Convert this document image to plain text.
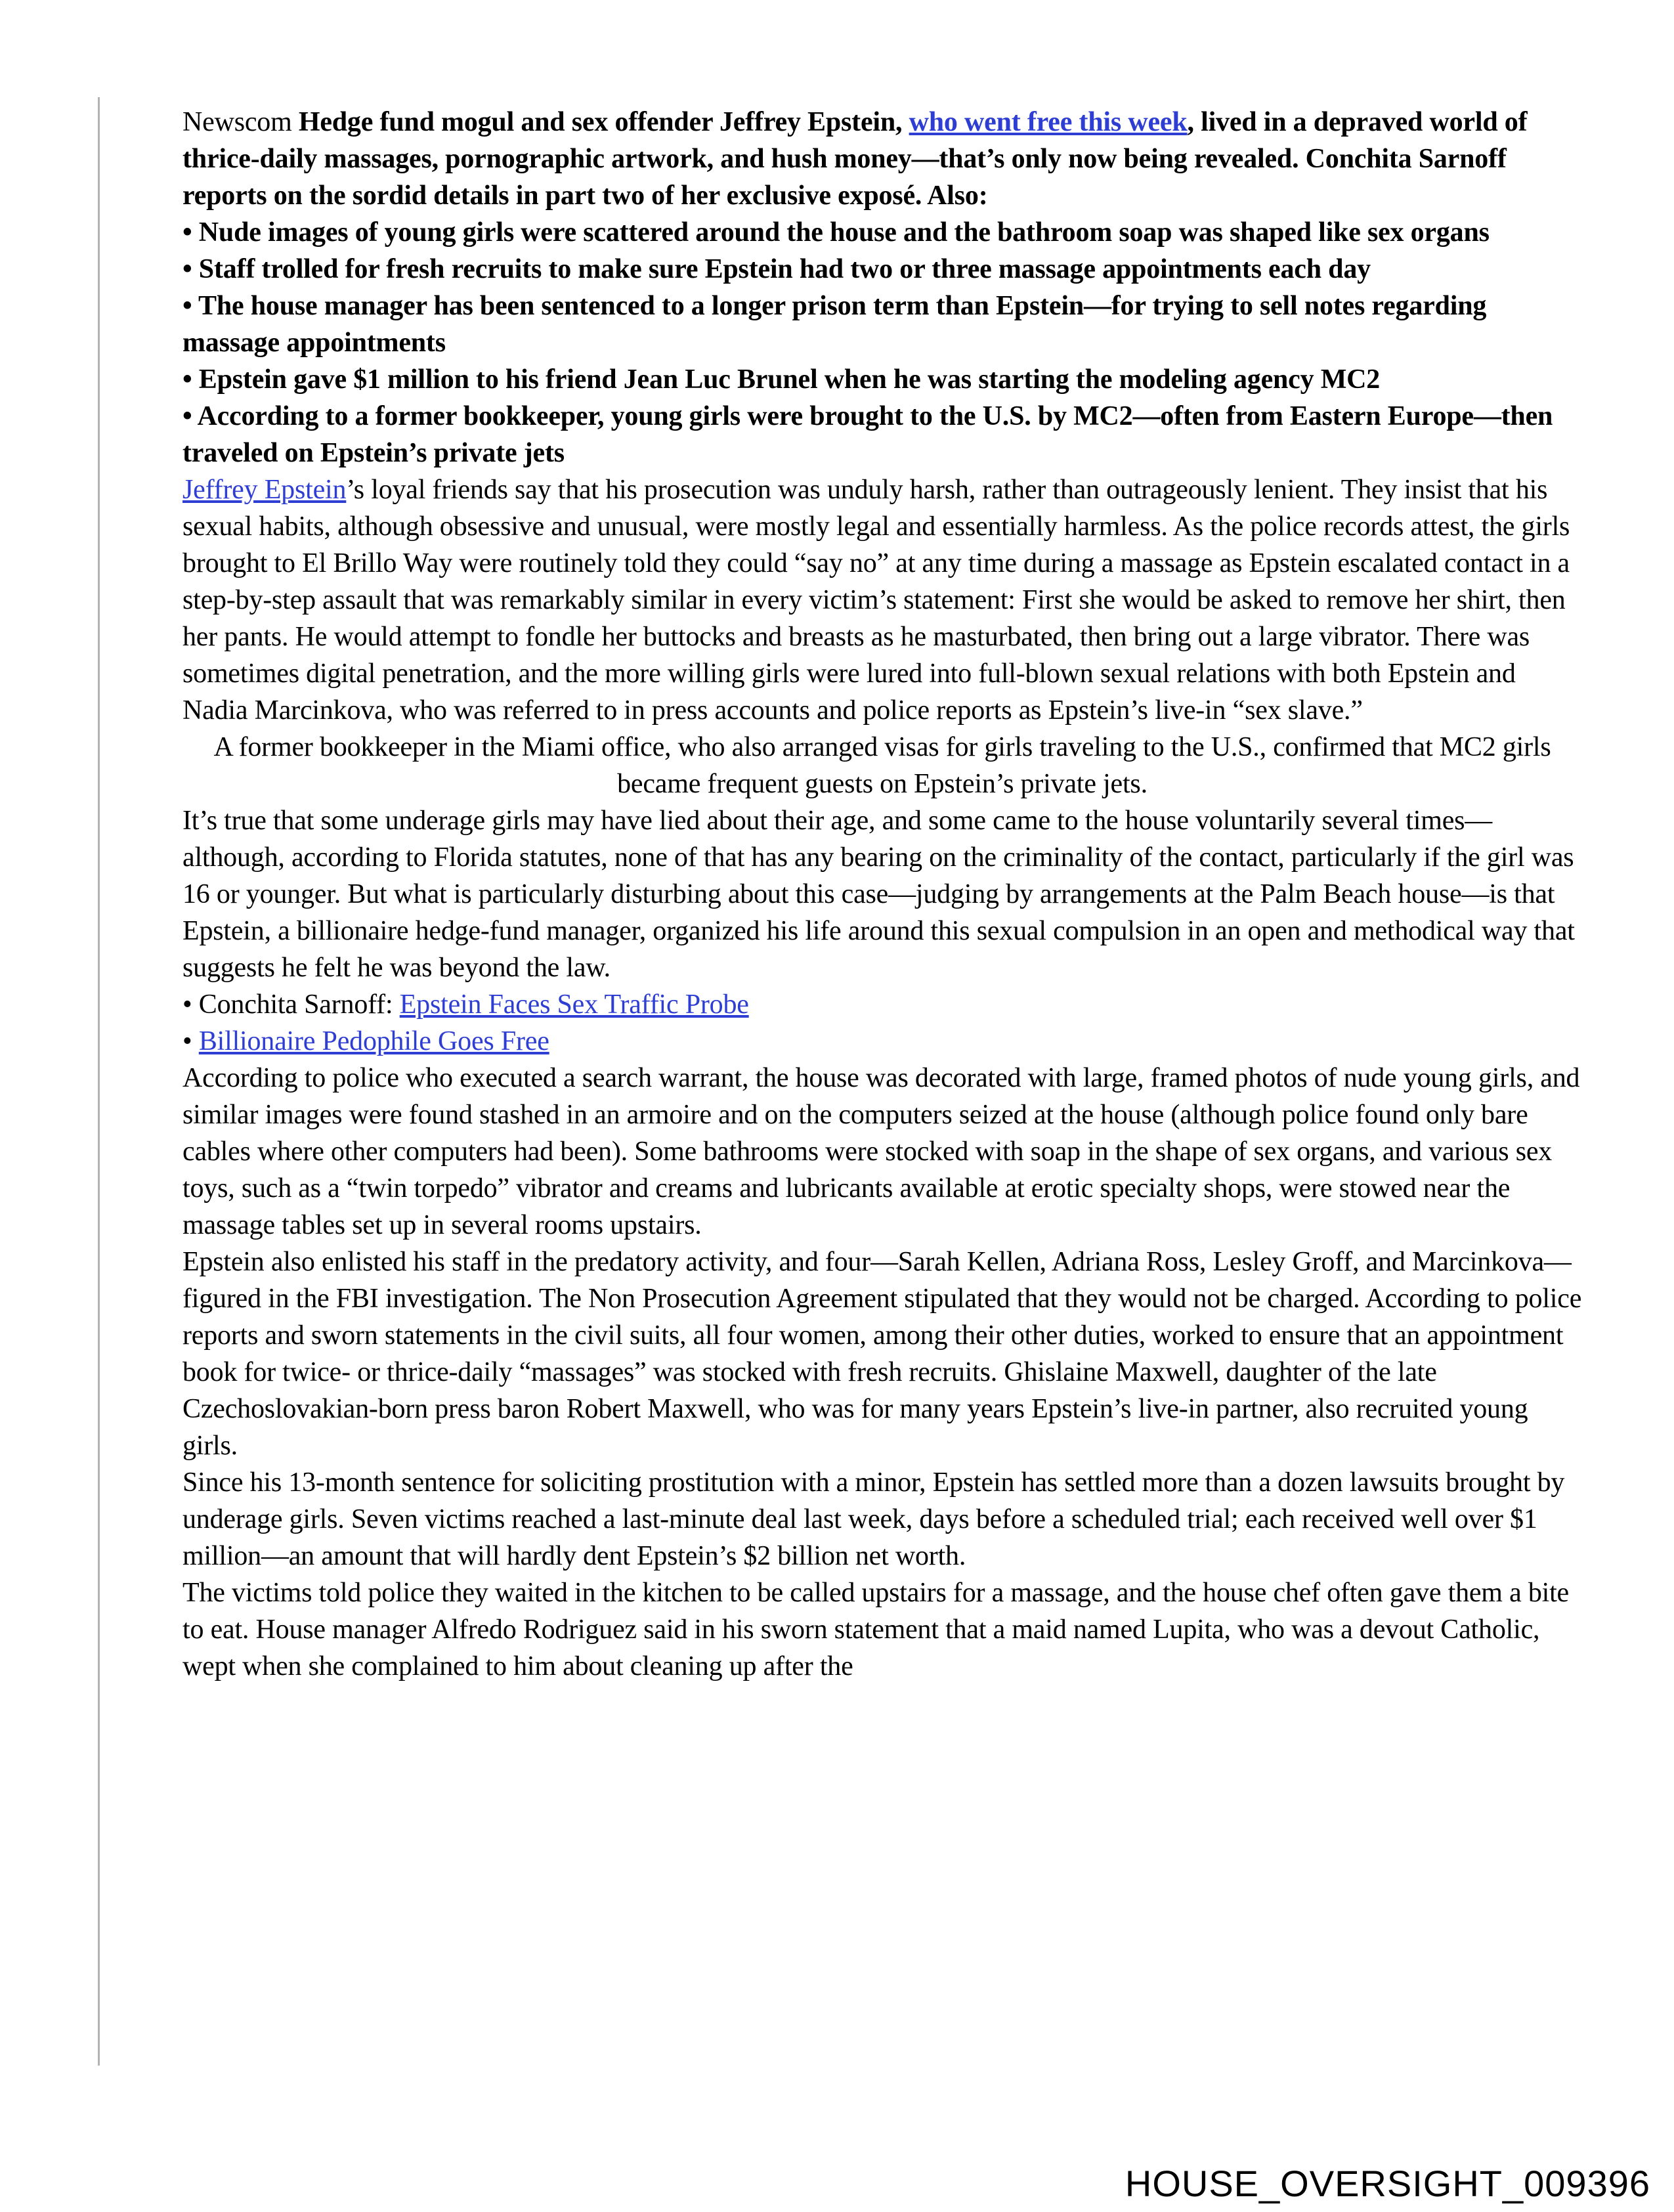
Newscom Hedge fund mogul and sex offender Jeffrey Epstein, who went free this week, lived in a depraved world of thrice-daily massages, pornographic artwork, and hush money—that’s only now being revealed. Conchita Sarnoff reports on the sordid details in part two of her exclusive exposé. Also:

• Nude images of young girls were scattered around the house and the bathroom soap was shaped like sex organs

• Staff trolled for fresh recruits to make sure Epstein had two or three massage appointments each day

• The house manager has been sentenced to a longer prison term than Epstein—for trying to sell notes regarding massage appointments

• Epstein gave $1 million to his friend Jean Luc Brunel when he was starting the modeling agency MC2

• According to a former bookkeeper, young girls were brought to the U.S. by MC2—often from Eastern Europe—then traveled on Epstein’s private jets

Jeffrey Epstein’s loyal friends say that his prosecution was unduly harsh, rather than outrageously lenient. They insist that his sexual habits, although obsessive and unusual, were mostly legal and essentially harmless. As the police records attest, the girls brought to El Brillo Way were routinely told they could “say no” at any time during a massage as Epstein escalated contact in a step-by-step assault that was remarkably similar in every victim’s statement: First she would be asked to remove her shirt, then her pants. He would attempt to fondle her buttocks and breasts as he masturbated, then bring out a large vibrator. There was sometimes digital penetration, and the more willing girls were lured into full-blown sexual relations with both Epstein and Nadia Marcinkova, who was referred to in press accounts and police reports as Epstein’s live-in “sex slave.”

A former bookkeeper in the Miami office, who also arranged visas for girls traveling to the U.S., confirmed that MC2 girls became frequent guests on Epstein’s private jets.

It’s true that some underage girls may have lied about their age, and some came to the house voluntarily several times—although, according to Florida statutes, none of that has any bearing on the criminality of the contact, particularly if the girl was 16 or younger. But what is particularly disturbing about this case—judging by arrangements at the Palm Beach house—is that Epstein, a billionaire hedge-fund manager, organized his life around this sexual compulsion in an open and methodical way that suggests he felt he was beyond the law.

• Conchita Sarnoff: Epstein Faces Sex Traffic Probe

• Billionaire Pedophile Goes Free

According to police who executed a search warrant, the house was decorated with large, framed photos of nude young girls, and similar images were found stashed in an armoire and on the computers seized at the house (although police found only bare cables where other computers had been). Some bathrooms were stocked with soap in the shape of sex organs, and various sex toys, such as a “twin torpedo” vibrator and creams and lubricants available at erotic specialty shops, were stowed near the massage tables set up in several rooms upstairs.

Epstein also enlisted his staff in the predatory activity, and four—Sarah Kellen, Adriana Ross, Lesley Groff, and Marcinkova—figured in the FBI investigation. The Non Prosecution Agreement stipulated that they would not be charged. According to police reports and sworn statements in the civil suits, all four women, among their other duties, worked to ensure that an appointment book for twice- or thrice-daily “massages” was stocked with fresh recruits. Ghislaine Maxwell, daughter of the late Czechoslovakian-born press baron Robert Maxwell, who was for many years Epstein’s live-in partner, also recruited young girls.

Since his 13-month sentence for soliciting prostitution with a minor, Epstein has settled more than a dozen lawsuits brought by underage girls. Seven victims reached a last-minute deal last week, days before a scheduled trial; each received well over $1 million—an amount that will hardly dent Epstein’s $2 billion net worth.

The victims told police they waited in the kitchen to be called upstairs for a massage, and the house chef often gave them a bite to eat. House manager Alfredo Rodriguez said in his sworn statement that a maid named Lupita, who was a devout Catholic, wept when she complained to him about cleaning up after the

HOUSE_OVERSIGHT_009396
